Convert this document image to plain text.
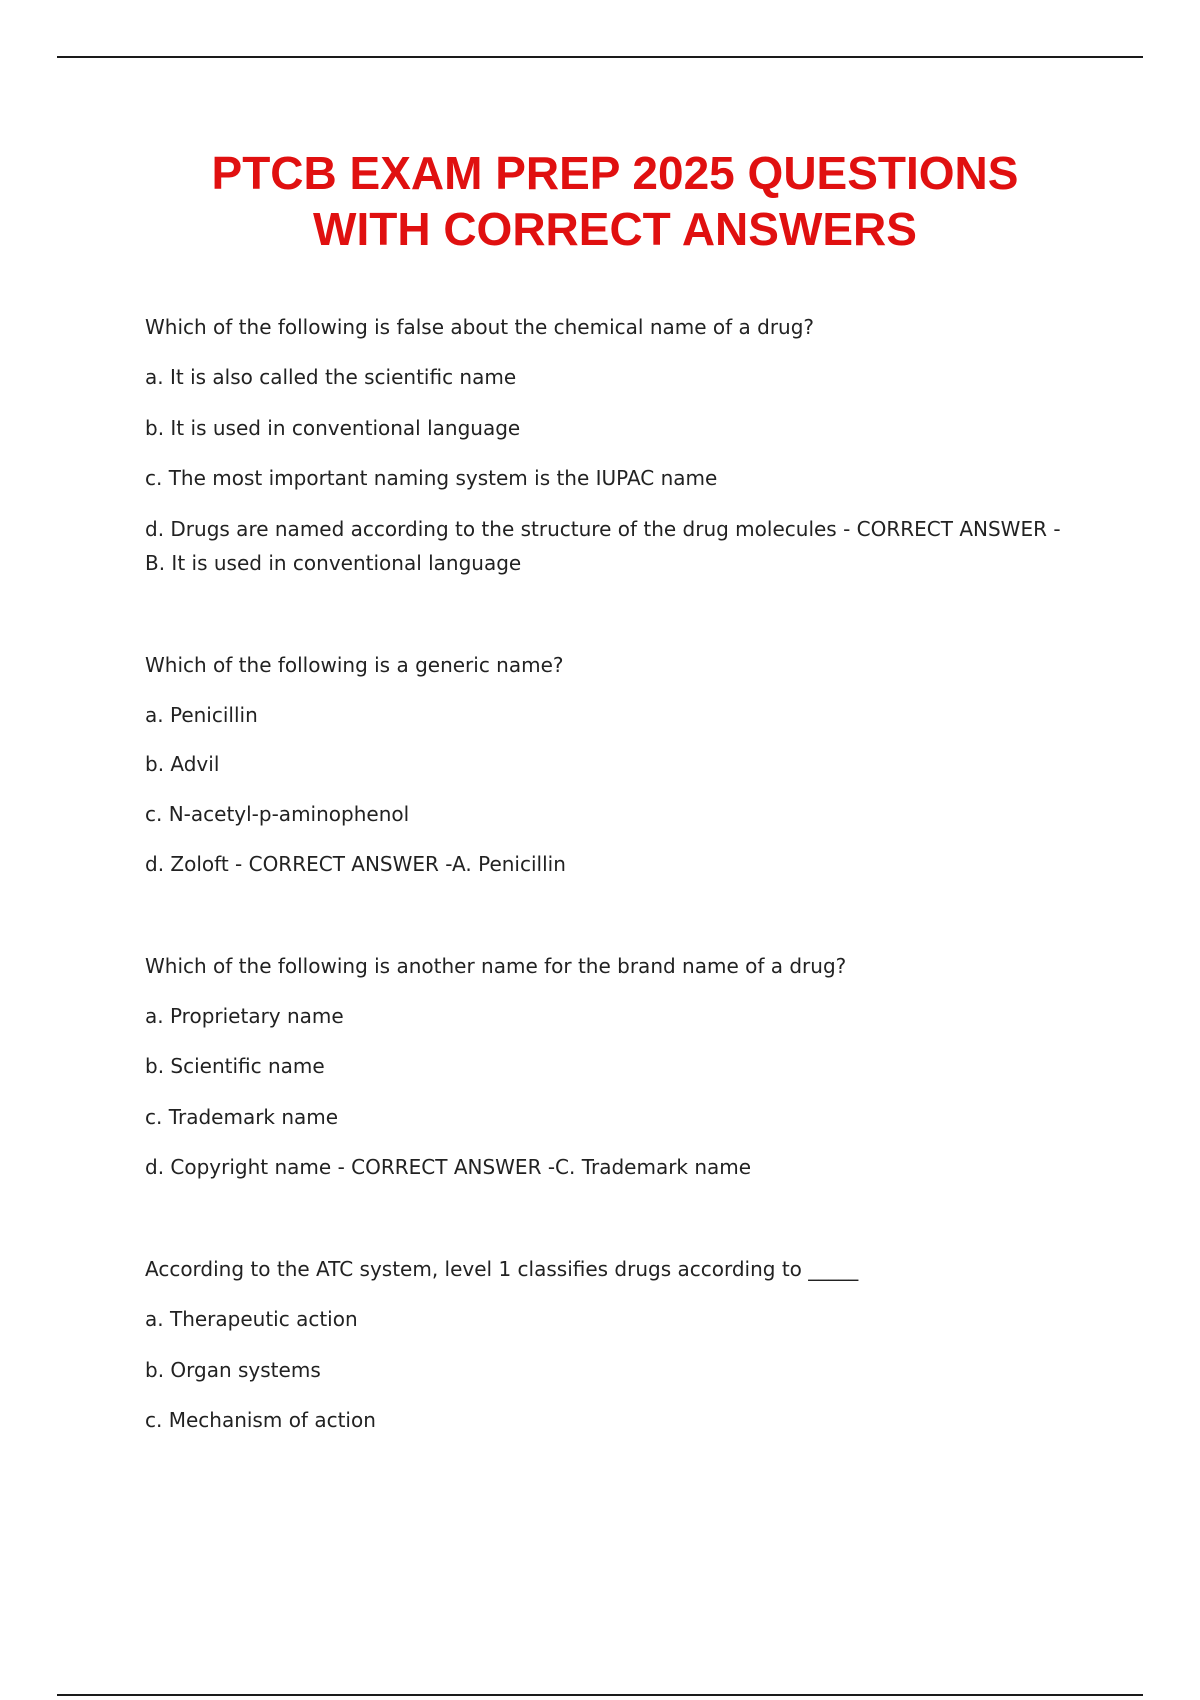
PTCB EXAM PREP 2025 QUESTIONS
WITH CORRECT ANSWERS
Which of the following is false about the chemical name of a drug?
a. It is also called the scientific name
b. It is used in conventional language
c. The most important naming system is the IUPAC name
d. Drugs are named according to the structure of the drug molecules - CORRECT ANSWER -B. It is used in conventional language
Which of the following is a generic name?
a. Penicillin
b. Advil
c. N-acetyl-p-aminophenol
d. Zoloft - CORRECT ANSWER -A. Penicillin
Which of the following is another name for the brand name of a drug?
a. Proprietary name
b. Scientific name
c. Trademark name
d. Copyright name - CORRECT ANSWER -C. Trademark name
According to the ATC system, level 1 classifies drugs according to _____
a. Therapeutic action
b. Organ systems
c. Mechanism of action
